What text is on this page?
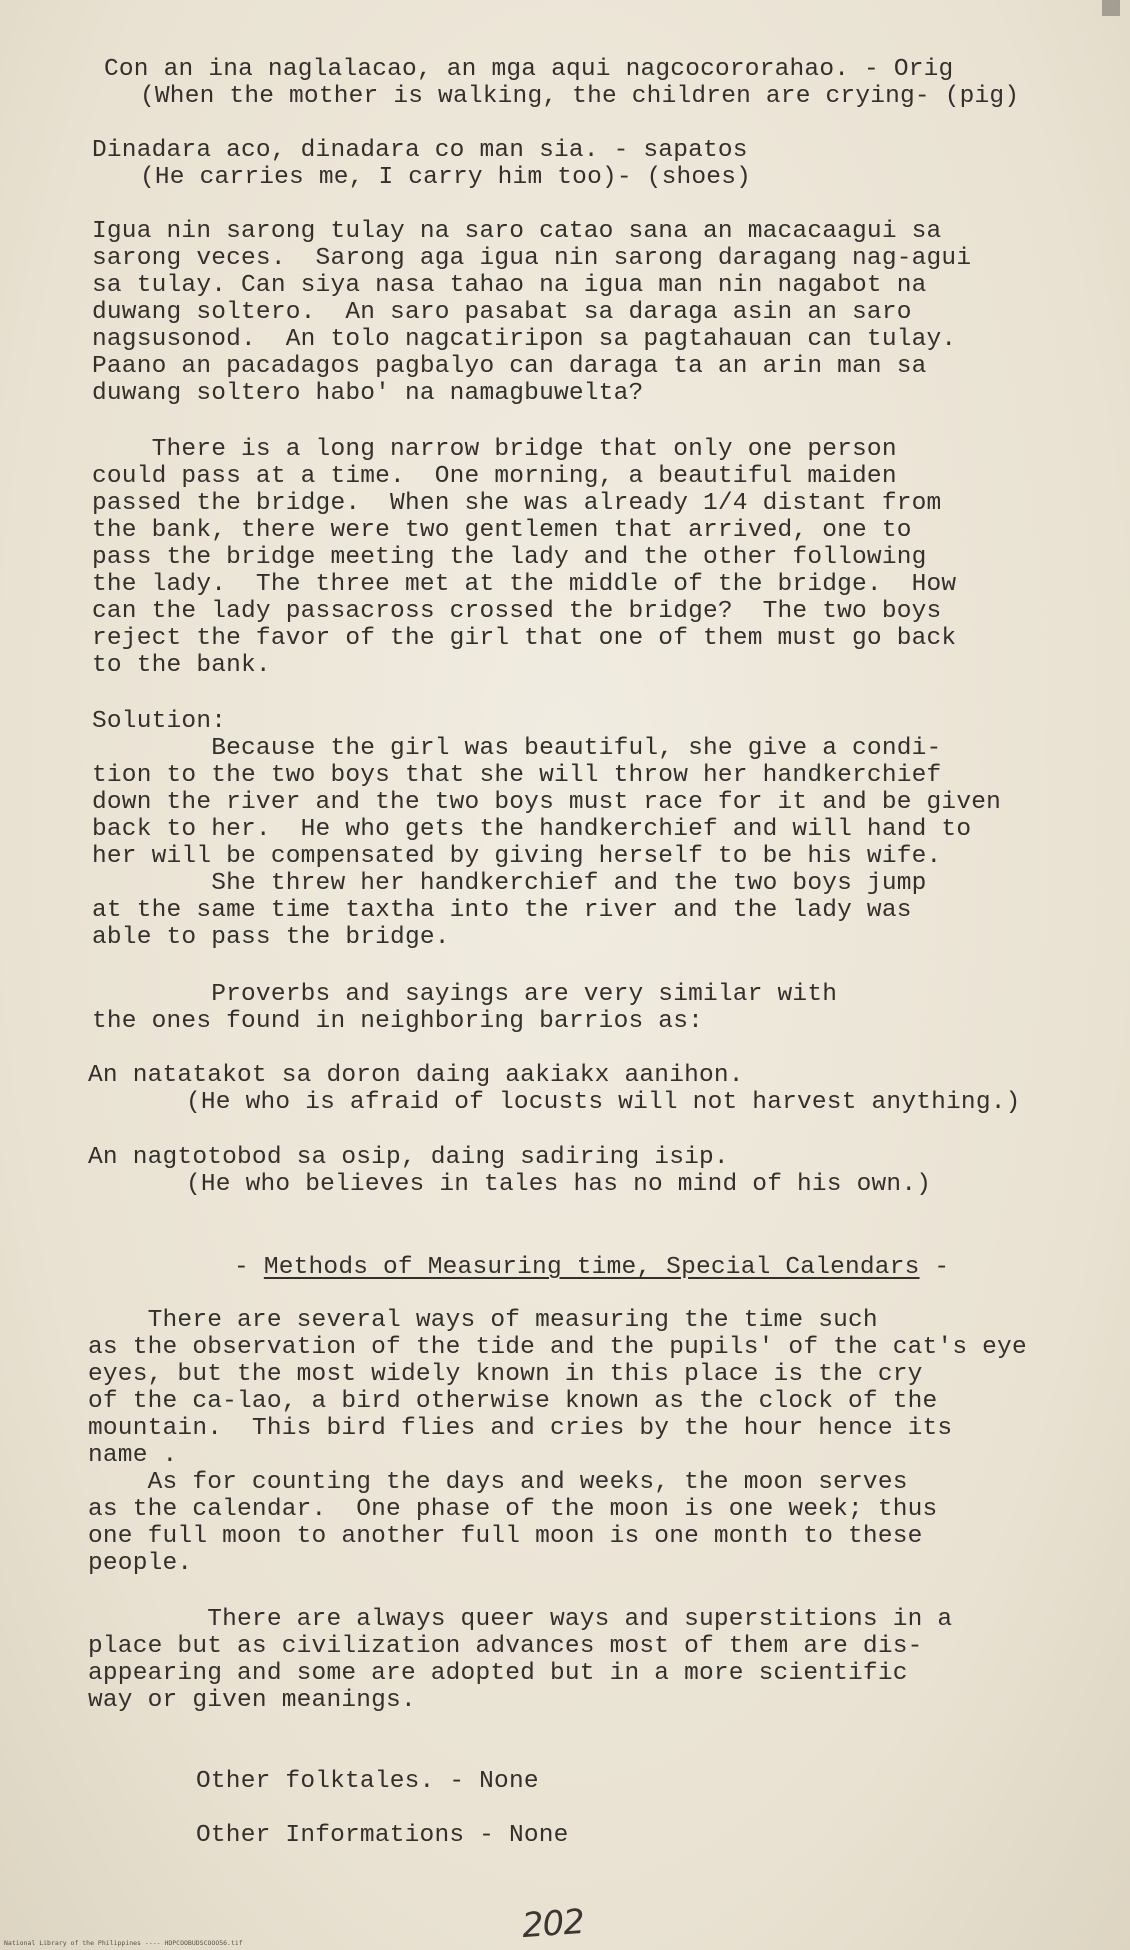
Con an ina naglalacao, an mga aqui nagcocororahao. - Orig
(When the mother is walking, the children are crying- (pig)
Dinadara aco, dinadara co man sia. - sapatos
(He carries me, I carry him too)- (shoes)
Igua nin sarong tulay na saro catao sana an macacaagui sa
sarong veces.  Sarong aga igua nin sarong daragang nag-agui
sa tulay. Can siya nasa tahao na igua man nin nagabot na
duwang soltero.  An saro pasabat sa daraga asin an saro
nagsusonod.  An tolo nagcatiripon sa pagtahauan can tulay.
Paano an pacadagos pagbalyo can daraga ta an arin man sa
duwang soltero habo' na namagbuwelta?
There is a long narrow bridge that only one person
could pass at a time.  One morning, a beautiful maiden
passed the bridge.  When she was already 1/4 distant from
the bank, there were two gentlemen that arrived, one to
pass the bridge meeting the lady and the other following
the lady.  The three met at the middle of the bridge.  How
can the lady passacross crossed the bridge?  The two boys
reject the favor of the girl that one of them must go back
to the bank.
Solution:
Because the girl was beautiful, she give a condi-
tion to the two boys that she will throw her handkerchief
down the river and the two boys must race for it and be given
back to her.  He who gets the handkerchief and will hand to
her will be compensated by giving herself to be his wife.
She threw her handkerchief and the two boys jump
at the same time taxtha into the river and the lady was
able to pass the bridge.
Proverbs and sayings are very similar with
the ones found in neighboring barrios as:
An natatakot sa doron daing aakiakx aanihon.
(He who is afraid of locusts will not harvest anything.)
An nagtotobod sa osip, daing sadiring isip.
(He who believes in tales has no mind of his own.)
- Methods of Measuring time, Special Calendars -
There are several ways of measuring the time such
as the observation of the tide and the pupils' of the cat's eye
eyes, but the most widely known in this place is the cry
of the ca-lao, a bird otherwise known as the clock of the
mountain.  This bird flies and cries by the hour hence its
name .
As for counting the days and weeks, the moon serves
as the calendar.  One phase of the moon is one week; thus
one full moon to another full moon is one month to these
people.
There are always queer ways and superstitions in a
place but as civilization advances most of them are dis-
appearing and some are adopted but in a more scientific
way or given meanings.
Other folktales. - None
Other Informations - None
202
National Library of the Philippines ---- HDPCOOBUDSCOOO56.tif
